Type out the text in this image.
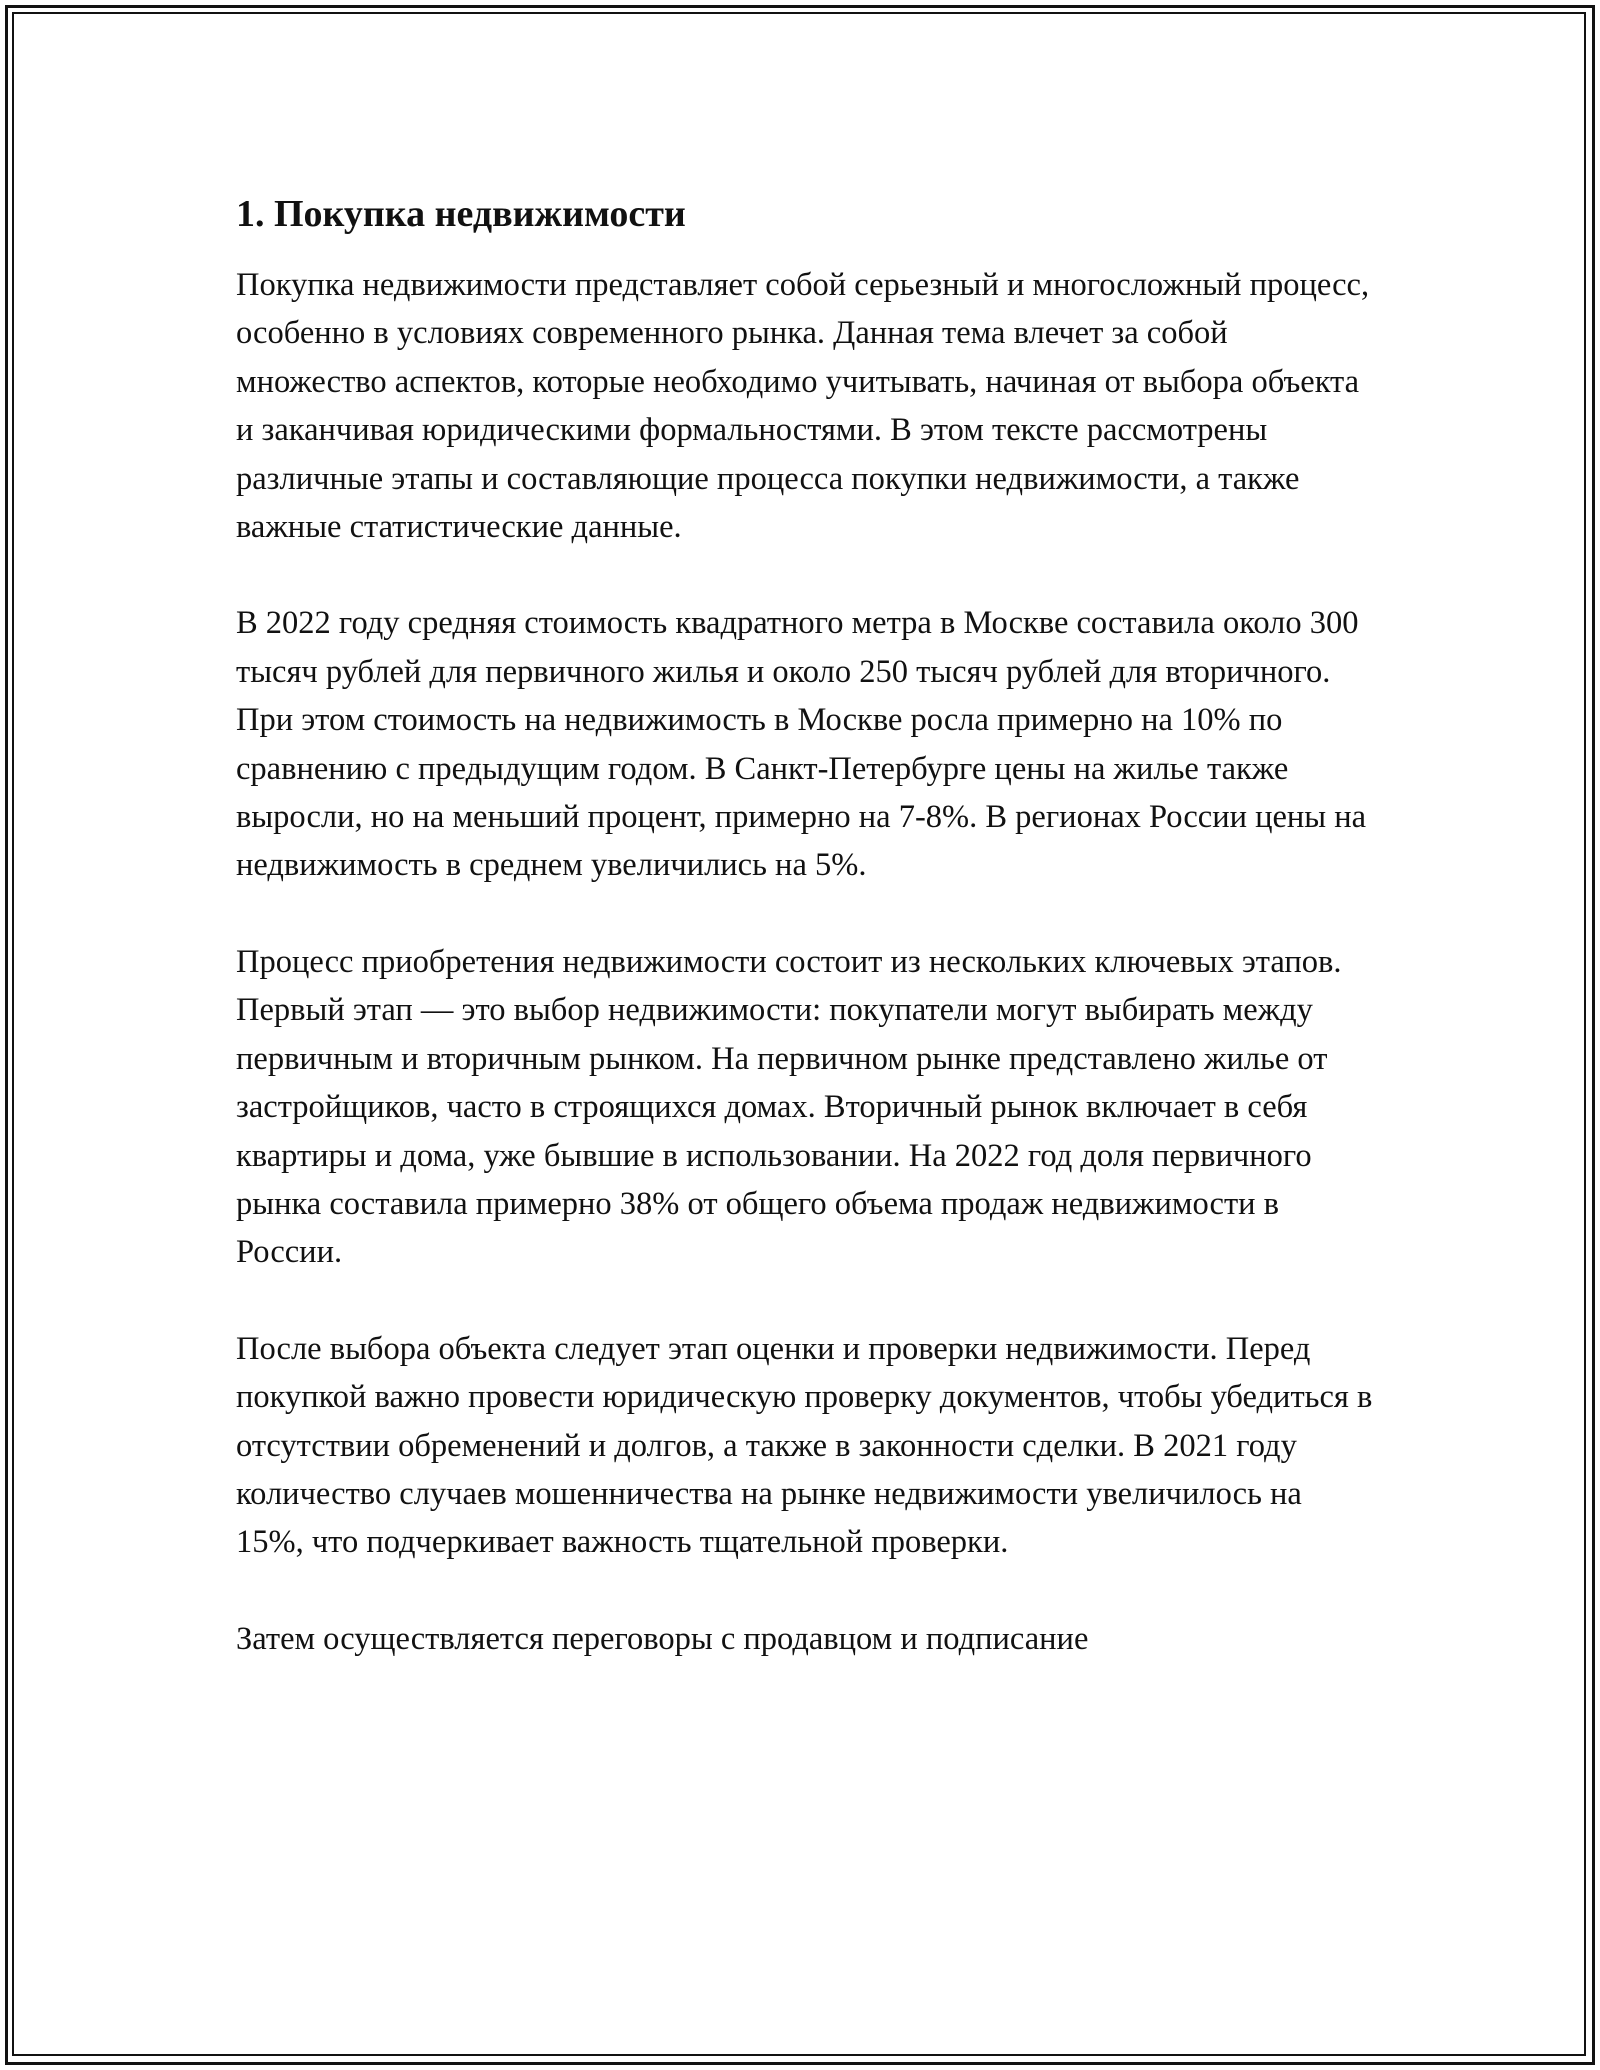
1. Покупка недвижимости

Покупка недвижимости представляет собой серьезный и многосложный процесс, особенно в условиях современного рынка. Данная тема влечет за собой множество аспектов, которые необходимо учитывать, начиная от выбора объекта и заканчивая юридическими формальностями. В этом тексте рассмотрены различные этапы и составляющие процесса покупки недвижимости, а также важные статистические данные.

В 2022 году средняя стоимость квадратного метра в Москве составила около 300 тысяч рублей для первичного жилья и около 250 тысяч рублей для вторичного. При этом стоимость на недвижимость в Москве росла примерно на 10% по сравнению с предыдущим годом. В Санкт-Петербурге цены на жилье также выросли, но на меньший процент, примерно на 7-8%. В регионах России цены на недвижимость в среднем увеличились на 5%.

Процесс приобретения недвижимости состоит из нескольких ключевых этапов. Первый этап — это выбор недвижимости: покупатели могут выбирать между первичным и вторичным рынком. На первичном рынке представлено жилье от застройщиков, часто в строящихся домах. Вторичный рынок включает в себя квартиры и дома, уже бывшие в использовании. На 2022 год доля первичного рынка составила примерно 38% от общего объема продаж недвижимости в России.

После выбора объекта следует этап оценки и проверки недвижимости. Перед покупкой важно провести юридическую проверку документов, чтобы убедиться в отсутствии обременений и долгов, а также в законности сделки. В 2021 году количество случаев мошенничества на рынке недвижимости увеличилось на 15%, что подчеркивает важность тщательной проверки.

Затем осуществляется переговоры с продавцом и подписание
